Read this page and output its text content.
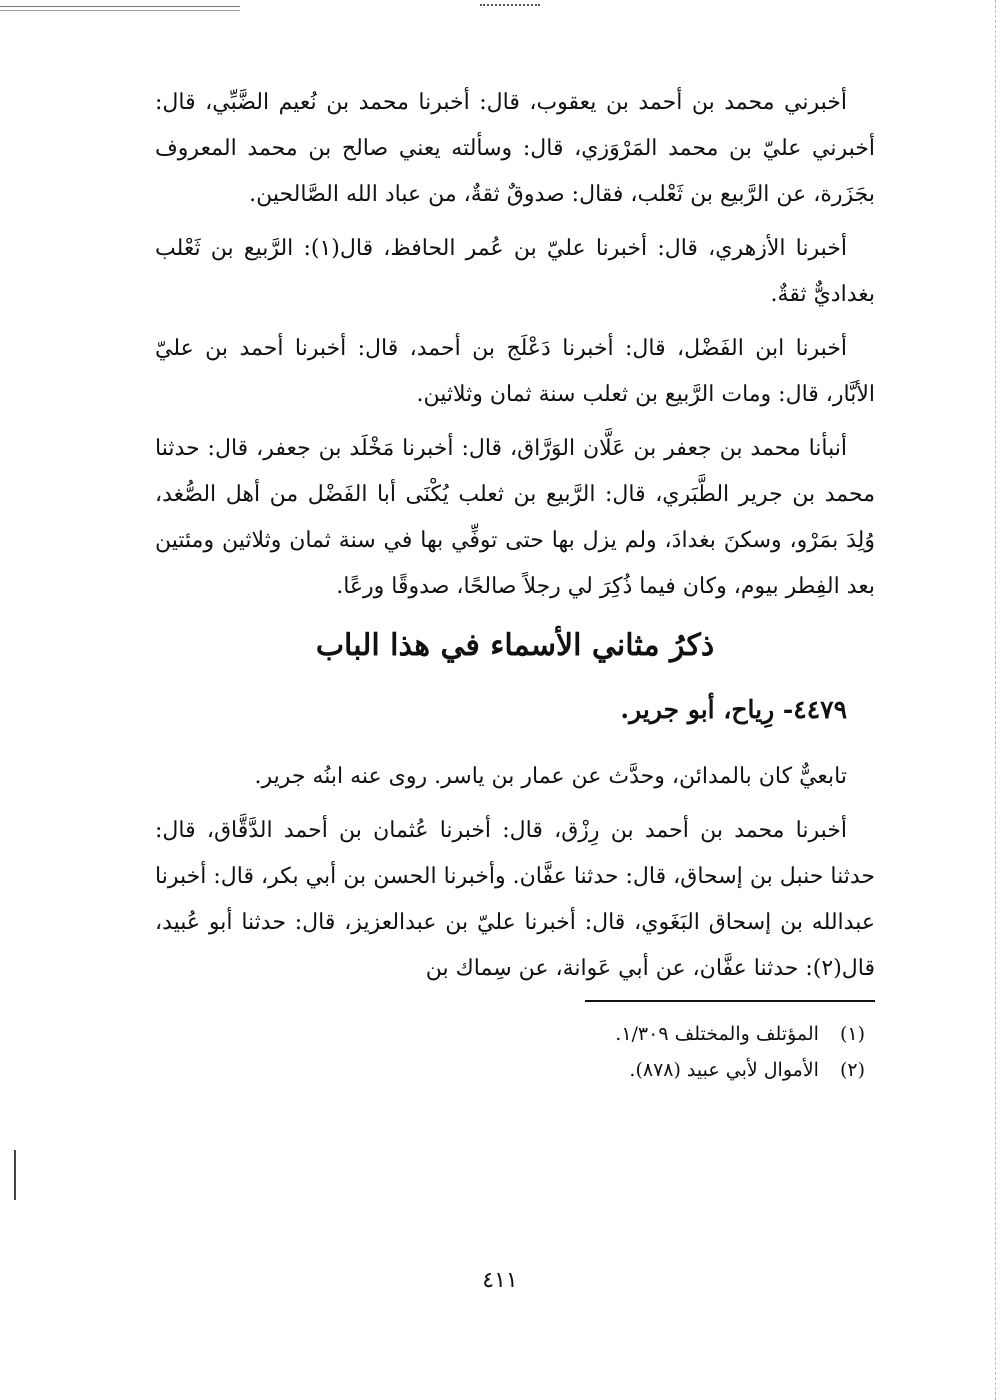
أخبرني محمد بن أحمد بن يعقوب، قال: أخبرنا محمد بن نُعيم الضَّبِّي، قال: أخبرني عليّ بن محمد المَرْوَزي، قال: وسألته يعني صالح بن محمد المعروف بجَزَرة، عن الرَّبيع بن ثَعْلب، فقال: صدوقٌ ثقةٌ، من عباد الله الصَّالحين.

أخبرنا الأزهري، قال: أخبرنا عليّ بن عُمر الحافظ، قال(١): الرَّبيع بن ثَعْلب بغداديٌّ ثقةٌ.

أخبرنا ابن الفَضْل، قال: أخبرنا دَعْلَج بن أحمد، قال: أخبرنا أحمد بن عليّ الأبَّار، قال: ومات الرَّبيع بن ثعلب سنة ثمان وثلاثين.

أنبأنا محمد بن جعفر بن عَلَّان الوَرَّاق، قال: أخبرنا مَخْلَد بن جعفر، قال: حدثنا محمد بن جرير الطَّبَري، قال: الرَّبيع بن ثعلب يُكْنَى أبا الفَضْل من أهل الصُّغد، وُلِدَ بمَرْو، وسكنَ بغدادَ، ولم يزل بها حتى توفِّي بها في سنة ثمان وثلاثين ومئتين بعد الفِطر بيوم، وكان فيما ذُكِرَ لي رجلاً صالحًا، صدوقًا ورعًا.

ذكرُ مثاني الأسماء في هذا الباب
٤٤٧٩- رِياح، أبو جرير.

تابعيٌّ كان بالمدائن، وحدَّث عن عمار بن ياسر. روى عنه ابنُه جرير.

أخبرنا محمد بن أحمد بن رِزْق، قال: أخبرنا عُثمان بن أحمد الدَّقَّاق، قال: حدثنا حنبل بن إسحاق، قال: حدثنا عفَّان. وأخبرنا الحسن بن أبي بكر، قال: أخبرنا عبدالله بن إسحاق البَغَوي، قال: أخبرنا عليّ بن عبدالعزيز، قال: حدثنا أبو عُبيد، قال(٢): حدثنا عفَّان، عن أبي عَوانة، عن سِماك بن

(١) المؤتلف والمختلف ١/٣٠٩.
(٢) الأموال لأبي عبيد (٨٧٨).
٤١١
